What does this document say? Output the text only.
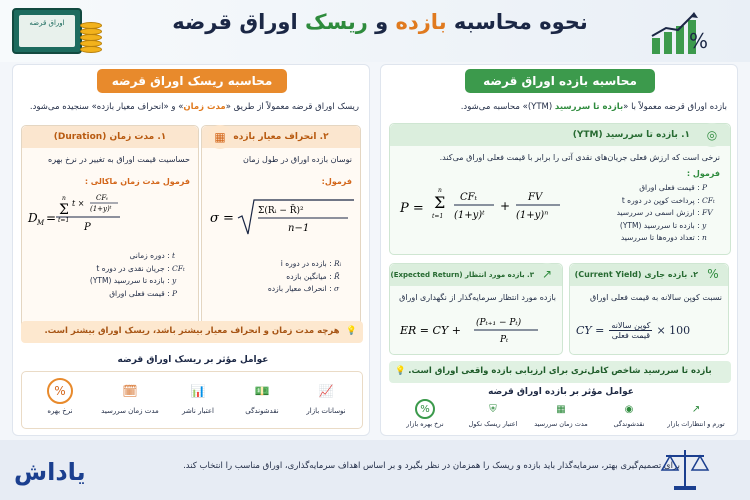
اوراق قرضه	نحوه محاسبه بازده و ریسک اوراق قرضه
%
محاسبه ریسک اوراق قرضه
ریسک اوراق قرضه معمولاً از طریق «مدت زمان» و «انحراف معیار بازده» سنجیده می‌شود.
۲. انحراف معیار بازده
▦
نوسان بازده اوراق در طول زمان
فرمول:
σ =	Σ(Rᵢ − R̄)²
n−1
Rᵢ : بازده در دوره i
R̄ : میانگین بازده
σ : انحراف معیار بازده
۱. مدت زمان (Duration)
حساسیت قیمت اوراق به تغییر در نرخ بهره
فرمول مدت زمان ماکالی :
D M =
n
Σ
t=1
t ×
CFₜ
(1+y)ᵗ
P
t : دوره زمانی
CFₜ : جریان نقدی در دوره t
y : بازده تا سررسید (YTM)
P : قیمت فعلی اوراق
هرچه مدت زمان و انحراف معیار بیشتر باشد، ریسک اوراق بیشتر است. 💡
عوامل مؤثر بر ریسک اوراق قرضه
📈
نوسانات بازار
💵
نقدشوندگی
📊
اعتبار ناشر
🗓
مدت زمان سررسید
%
نرخ بهره
محاسبه بازده اوراق قرضه
بازده اوراق قرضه معمولاً با «بازده تا سررسید (YTM)» محاسبه می‌شود.
۱. بازده تا سررسید (YTM)	◎
نرخی است که ارزش فعلی جریان‌های نقدی آتی را برابر با قیمت فعلی اوراق می‌کند.
فرمول :
P =
n
Σ
t=1
CFₜ
(1+y)ᵗ
+
FV
(1+y)ⁿ
P : قیمت فعلی اوراق
CFₜ : پرداخت کوپن در دوره t
FV : ارزش اسمی در سررسید
y : بازده تا سررسید (YTM)
n : تعداد دوره‌ها تا سررسید
۲. بازده جاری (Current Yield) %
نسبت کوپن سالانه به قیمت فعلی اوراق
CY = $\frac{\text{کوپن سالانه}}{\text{قیمت فعلی}} \times 100$
۳. بازده مورد انتظار (Expected Return) ↗
بازده مورد انتظار سرمایه‌گذار از نگهداری اوراق
ER = CY +
(Pₜ₊₁ − Pₜ)
Pₜ
بازده تا سررسید شاخص کامل‌تری برای ارزیابی بازده واقعی اوراق است.
💡
عوامل مؤثر بر بازده اوراق قرضه
↗
تورم و انتظارات بازار
◉
نقدشوندگی
▦
مدت زمان سررسید
⛨
اعتبار ریسک نکول
%
نرخ بهره بازار
یاداش	برای تصمیم‌گیری بهتر، سرمایه‌گذار باید بازده و ریسک را همزمان در نظر بگیرد و بر اساس اهداف سرمایه‌گذاری، اوراق مناسب را انتخاب کند.
